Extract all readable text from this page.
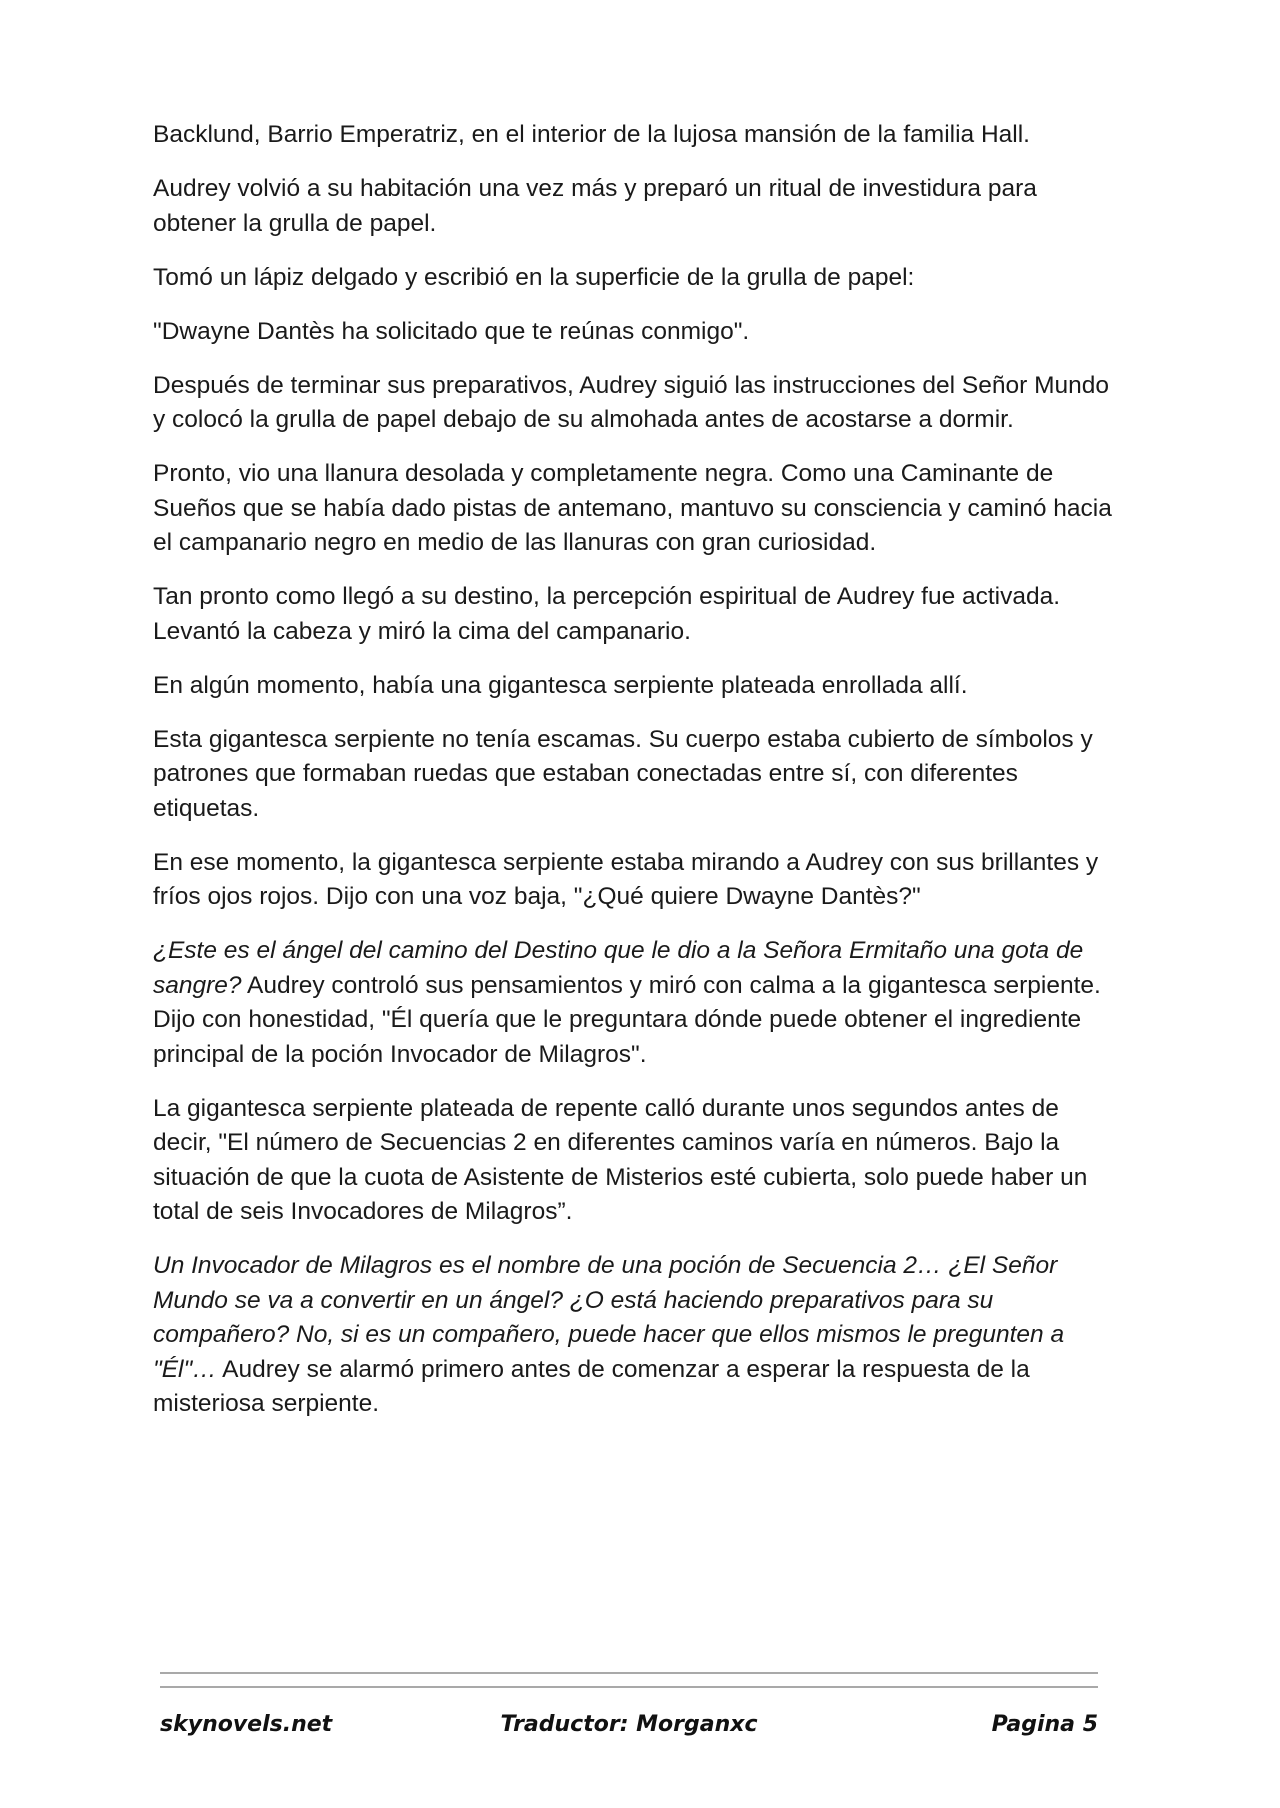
Backlund, Barrio Emperatriz, en el interior de la lujosa mansión de la familia Hall.

Audrey volvió a su habitación una vez más y preparó un ritual de investidura para obtener la grulla de papel.

Tomó un lápiz delgado y escribió en la superficie de la grulla de papel:

"Dwayne Dantès ha solicitado que te reúnas conmigo".

Después de terminar sus preparativos, Audrey siguió las instrucciones del Señor Mundo y colocó la grulla de papel debajo de su almohada antes de acostarse a dormir.

Pronto, vio una llanura desolada y completamente negra. Como una Caminante de Sueños que se había dado pistas de antemano, mantuvo su consciencia y caminó hacia el campanario negro en medio de las llanuras con gran curiosidad.

Tan pronto como llegó a su destino, la percepción espiritual de Audrey fue activada. Levantó la cabeza y miró la cima del campanario.

En algún momento, había una gigantesca serpiente plateada enrollada allí.

Esta gigantesca serpiente no tenía escamas. Su cuerpo estaba cubierto de símbolos y patrones que formaban ruedas que estaban conectadas entre sí, con diferentes etiquetas.

En ese momento, la gigantesca serpiente estaba mirando a Audrey con sus brillantes y fríos ojos rojos. Dijo con una voz baja, "¿Qué quiere Dwayne Dantès?"

¿Este es el ángel del camino del Destino que le dio a la Señora Ermitaño una gota de sangre? Audrey controló sus pensamientos y miró con calma a la gigantesca serpiente. Dijo con honestidad, "Él quería que le preguntara dónde puede obtener el ingrediente principal de la poción Invocador de Milagros".

La gigantesca serpiente plateada de repente calló durante unos segundos antes de decir, "El número de Secuencias 2 en diferentes caminos varía en números. Bajo la situación de que la cuota de Asistente de Misterios esté cubierta, solo puede haber un total de seis Invocadores de Milagros”.

Un Invocador de Milagros es el nombre de una poción de Secuencia 2… ¿El Señor Mundo se va a convertir en un ángel? ¿O está haciendo preparativos para su compañero? No, si es un compañero, puede hacer que ellos mismos le pregunten a "Él"… Audrey se alarmó primero antes de comenzar a esperar la respuesta de la misteriosa serpiente.

skynovels.net	Traductor: Morganxc	Pagina 5
